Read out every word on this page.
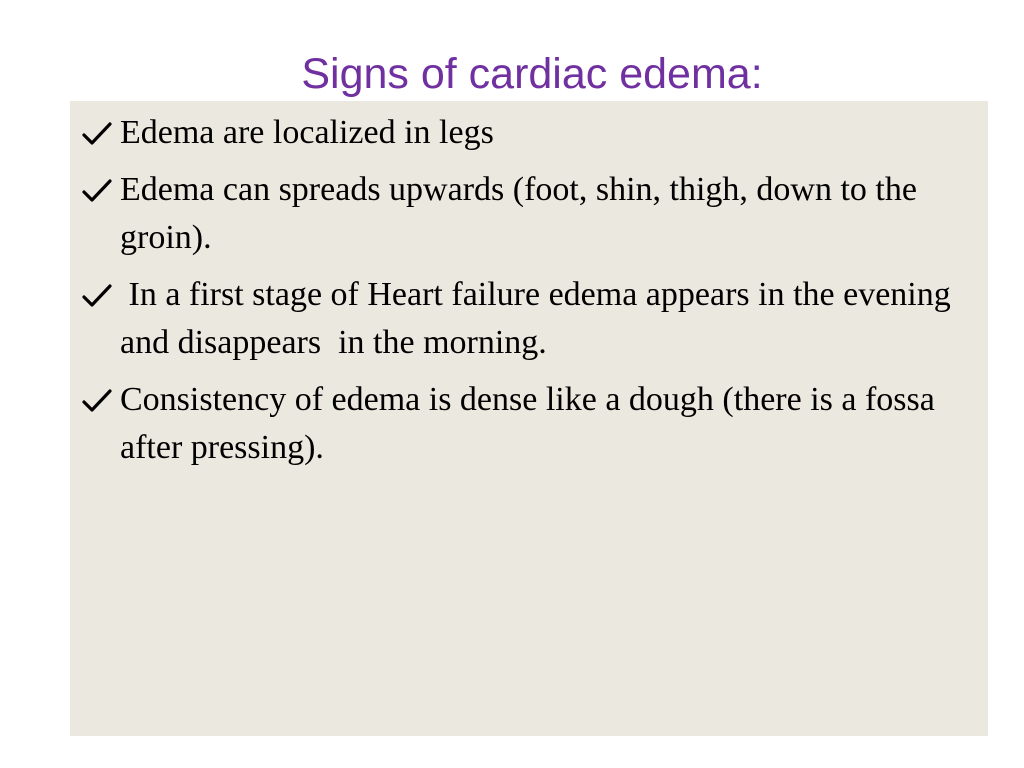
Signs of cardiac edema:
Edema are localized in legs
Edema can spreads upwards (foot, shin, thigh, down to the groin).
In a first stage of Heart failure edema appears in the evening and disappears  in the morning.
Consistency of edema is dense like a dough (there is a fossa after pressing).
